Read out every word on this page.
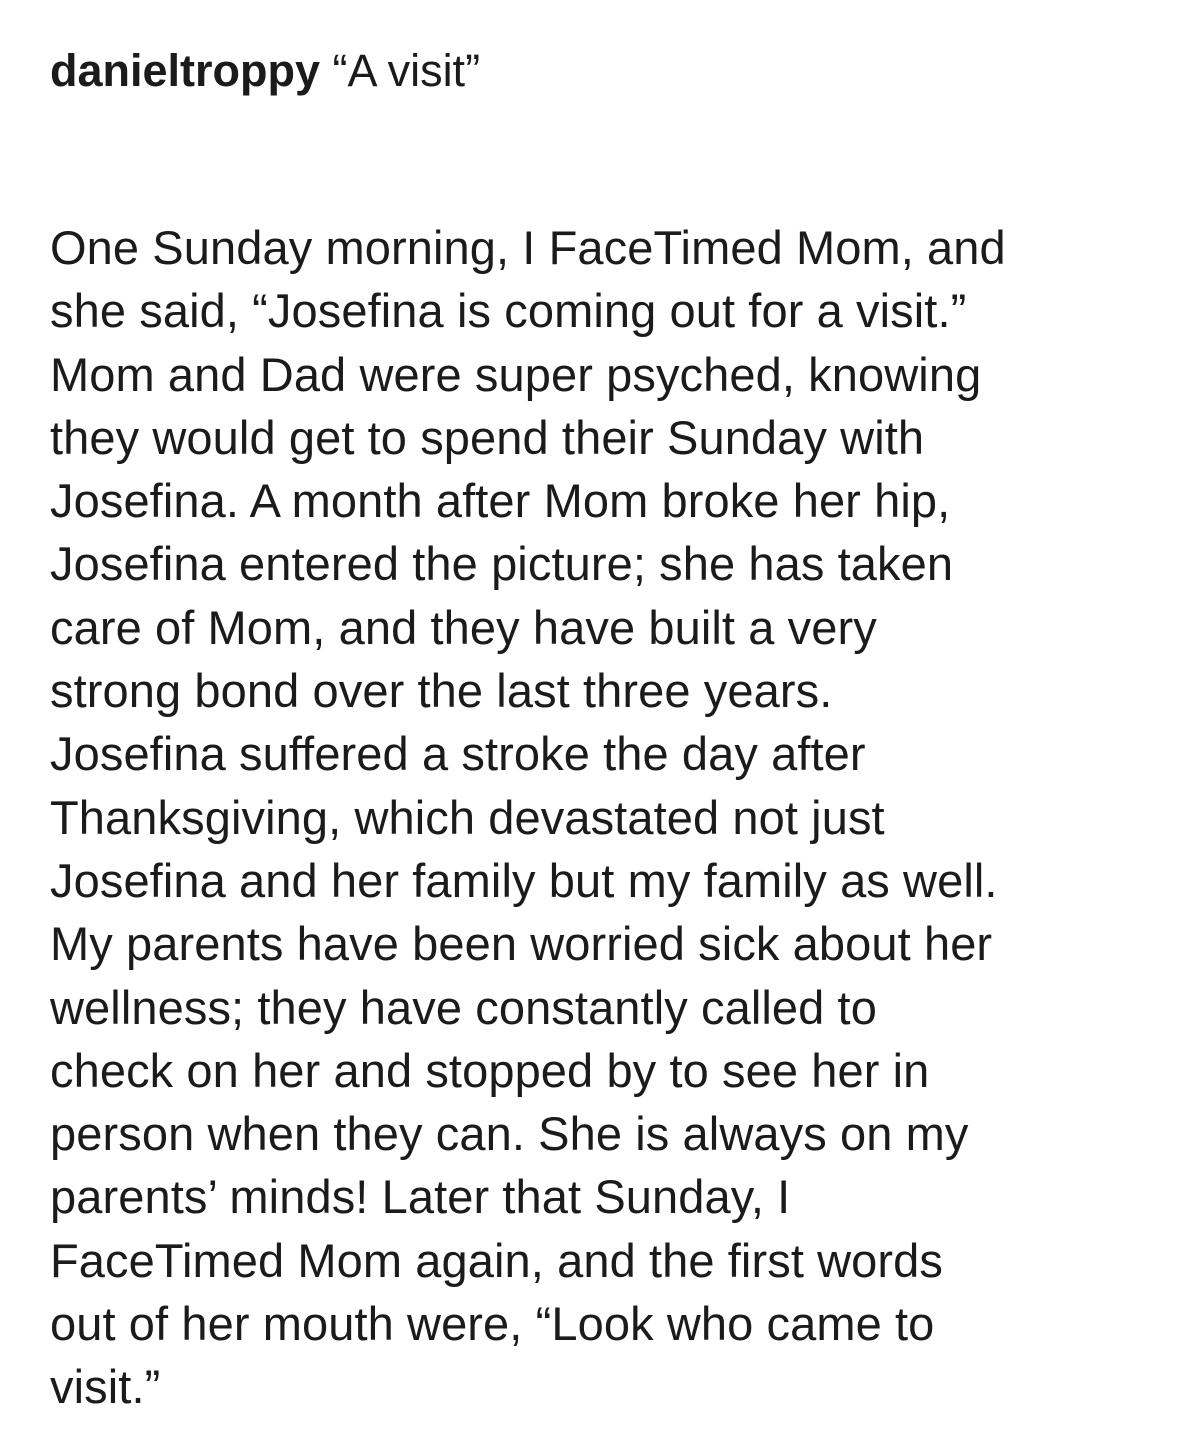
danieltroppy “A visit”
One Sunday morning, I FaceTimed Mom, and
she said, “Josefina is coming out for a visit.”
Mom and Dad were super psyched, knowing
they would get to spend their Sunday with
Josefina. A month after Mom broke her hip,
Josefina entered the picture; she has taken
care of Mom, and they have built a very
strong bond over the last three years.
Josefina suffered a stroke the day after
Thanksgiving, which devastated not just
Josefina and her family but my family as well.
My parents have been worried sick about her
wellness; they have constantly called to
check on her and stopped by to see her in
person when they can. She is always on my
parents’ minds! Later that Sunday, I
FaceTimed Mom again, and the first words
out of her mouth were, “Look who came to
visit.”
